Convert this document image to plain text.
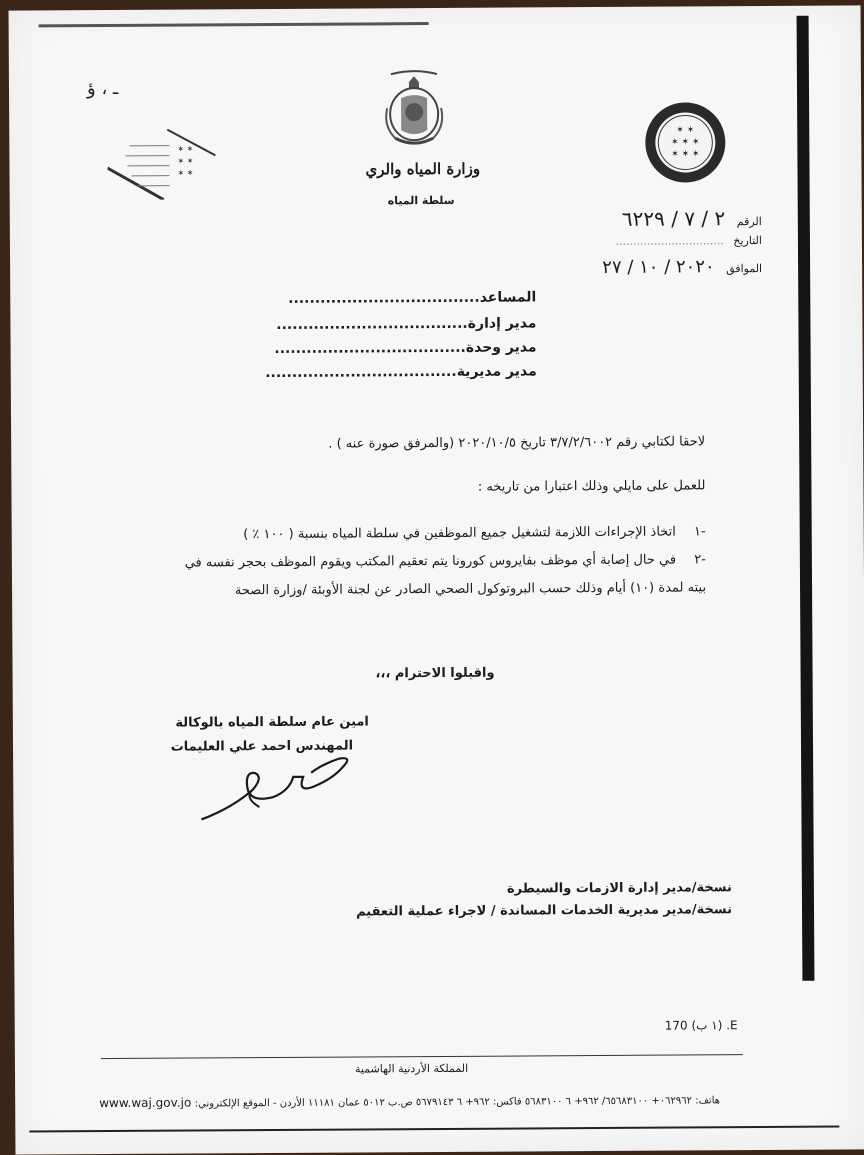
ـ ، ؤ
وزارة المياه والري
سلطة المياه
✶ ✶
✶ ✶ ✶
✶ ✶ ✶
✶ ✶
✶ ✶
✶ ✶
الرقم ٢ / ٧ / ٦٢٢٩
التاريخ ...............................
الموافق ٢٠٢٠ / ١٠ / ٢٧
المساعد....................................
مدير إدارة....................................
مدير وحدة....................................
مدير مديرية....................................
لاحقا لكتابي رقم ٣/٧/٢/٦٠٠٢ تاريخ ٢٠٢٠/١٠/٥ (والمرفق صورة عنه ) .
للعمل على مايلي وذلك اعتبارا من تاريخه :
-١ اتخاذ الإجراءات اللازمة لتشغيل جميع الموظفين في سلطة المياه بنسبة ( ١٠٠ ٪ )
-٢ في حال إصابة أي موظف بفايروس كورونا يتم تعقيم المكتب ويقوم الموظف بحجر نفسه في
بيته لمدة (١٠) أيام وذلك حسب البروتوكول الصحي الصادر عن لجنة الأوبئة /وزارة الصحة
واقبلوا الاحترام ،،،
امين عام سلطة المياه بالوكالة
المهندس احمد علي العليمات
نسخة/مدير إدارة الازمات والسيطرة
نسخة/مدير مديرية الخدمات المساندة / لاجراء عملية التعقيم
170 (١ ب) .E
المملكة الأردنية الهاشمية
www.waj.gov.jo هاتف: ٠٦٢٩٦٢+ ٦٥٦٨٣١٠٠/ ٩٦٢+ ٦ ٥٦٨٣١٠٠ فاكس: ٩٦٢+ ٦ ٥٦٧٩١٤٣ ص.ب ٥٠١٢ عمان ١١١٨١ الأردن - الموقع الإلكتروني:
